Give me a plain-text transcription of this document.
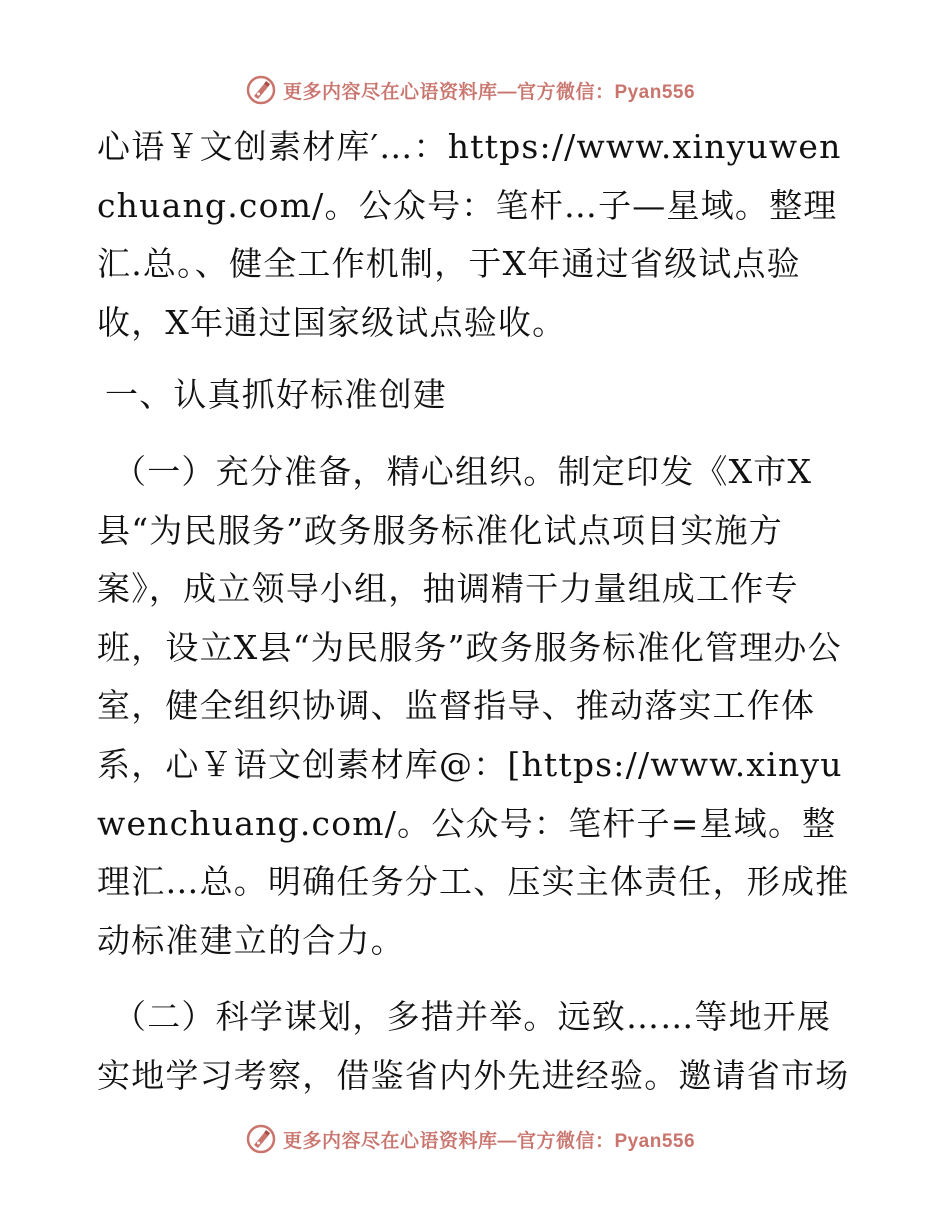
更多内容尽在心语资料库—官方微信：Pyan556

心语￥文创素材库′…：https://www.xinyuwenchuang.com/。公众号：笔杆…子—星域。整理汇.总。、健全工作机制，于X年通过省级试点验收，X年通过国家级试点验收。

一、认真抓好标准创建

（一）充分准备，精心组织。制定印发《X市X县“为民服务”政务服务标准化试点项目实施方案》，成立领导小组，抽调精干力量组成工作专班，设立X县“为民服务”政务服务标准化管理办公室，健全组织协调、监督指导、推动落实工作体系，心￥语文创素材库@：[https://www.xinyuwenchuang.com/。公众号：笔杆子=星域。整理汇…总。明确任务分工、压实主体责任，形成推动标准建立的合力。

（二）科学谋划，多措并举。远致……等地开展实地学习考察，借鉴省内外先进经验。邀请省市场

更多内容尽在心语资料库—官方微信：Pyan556
